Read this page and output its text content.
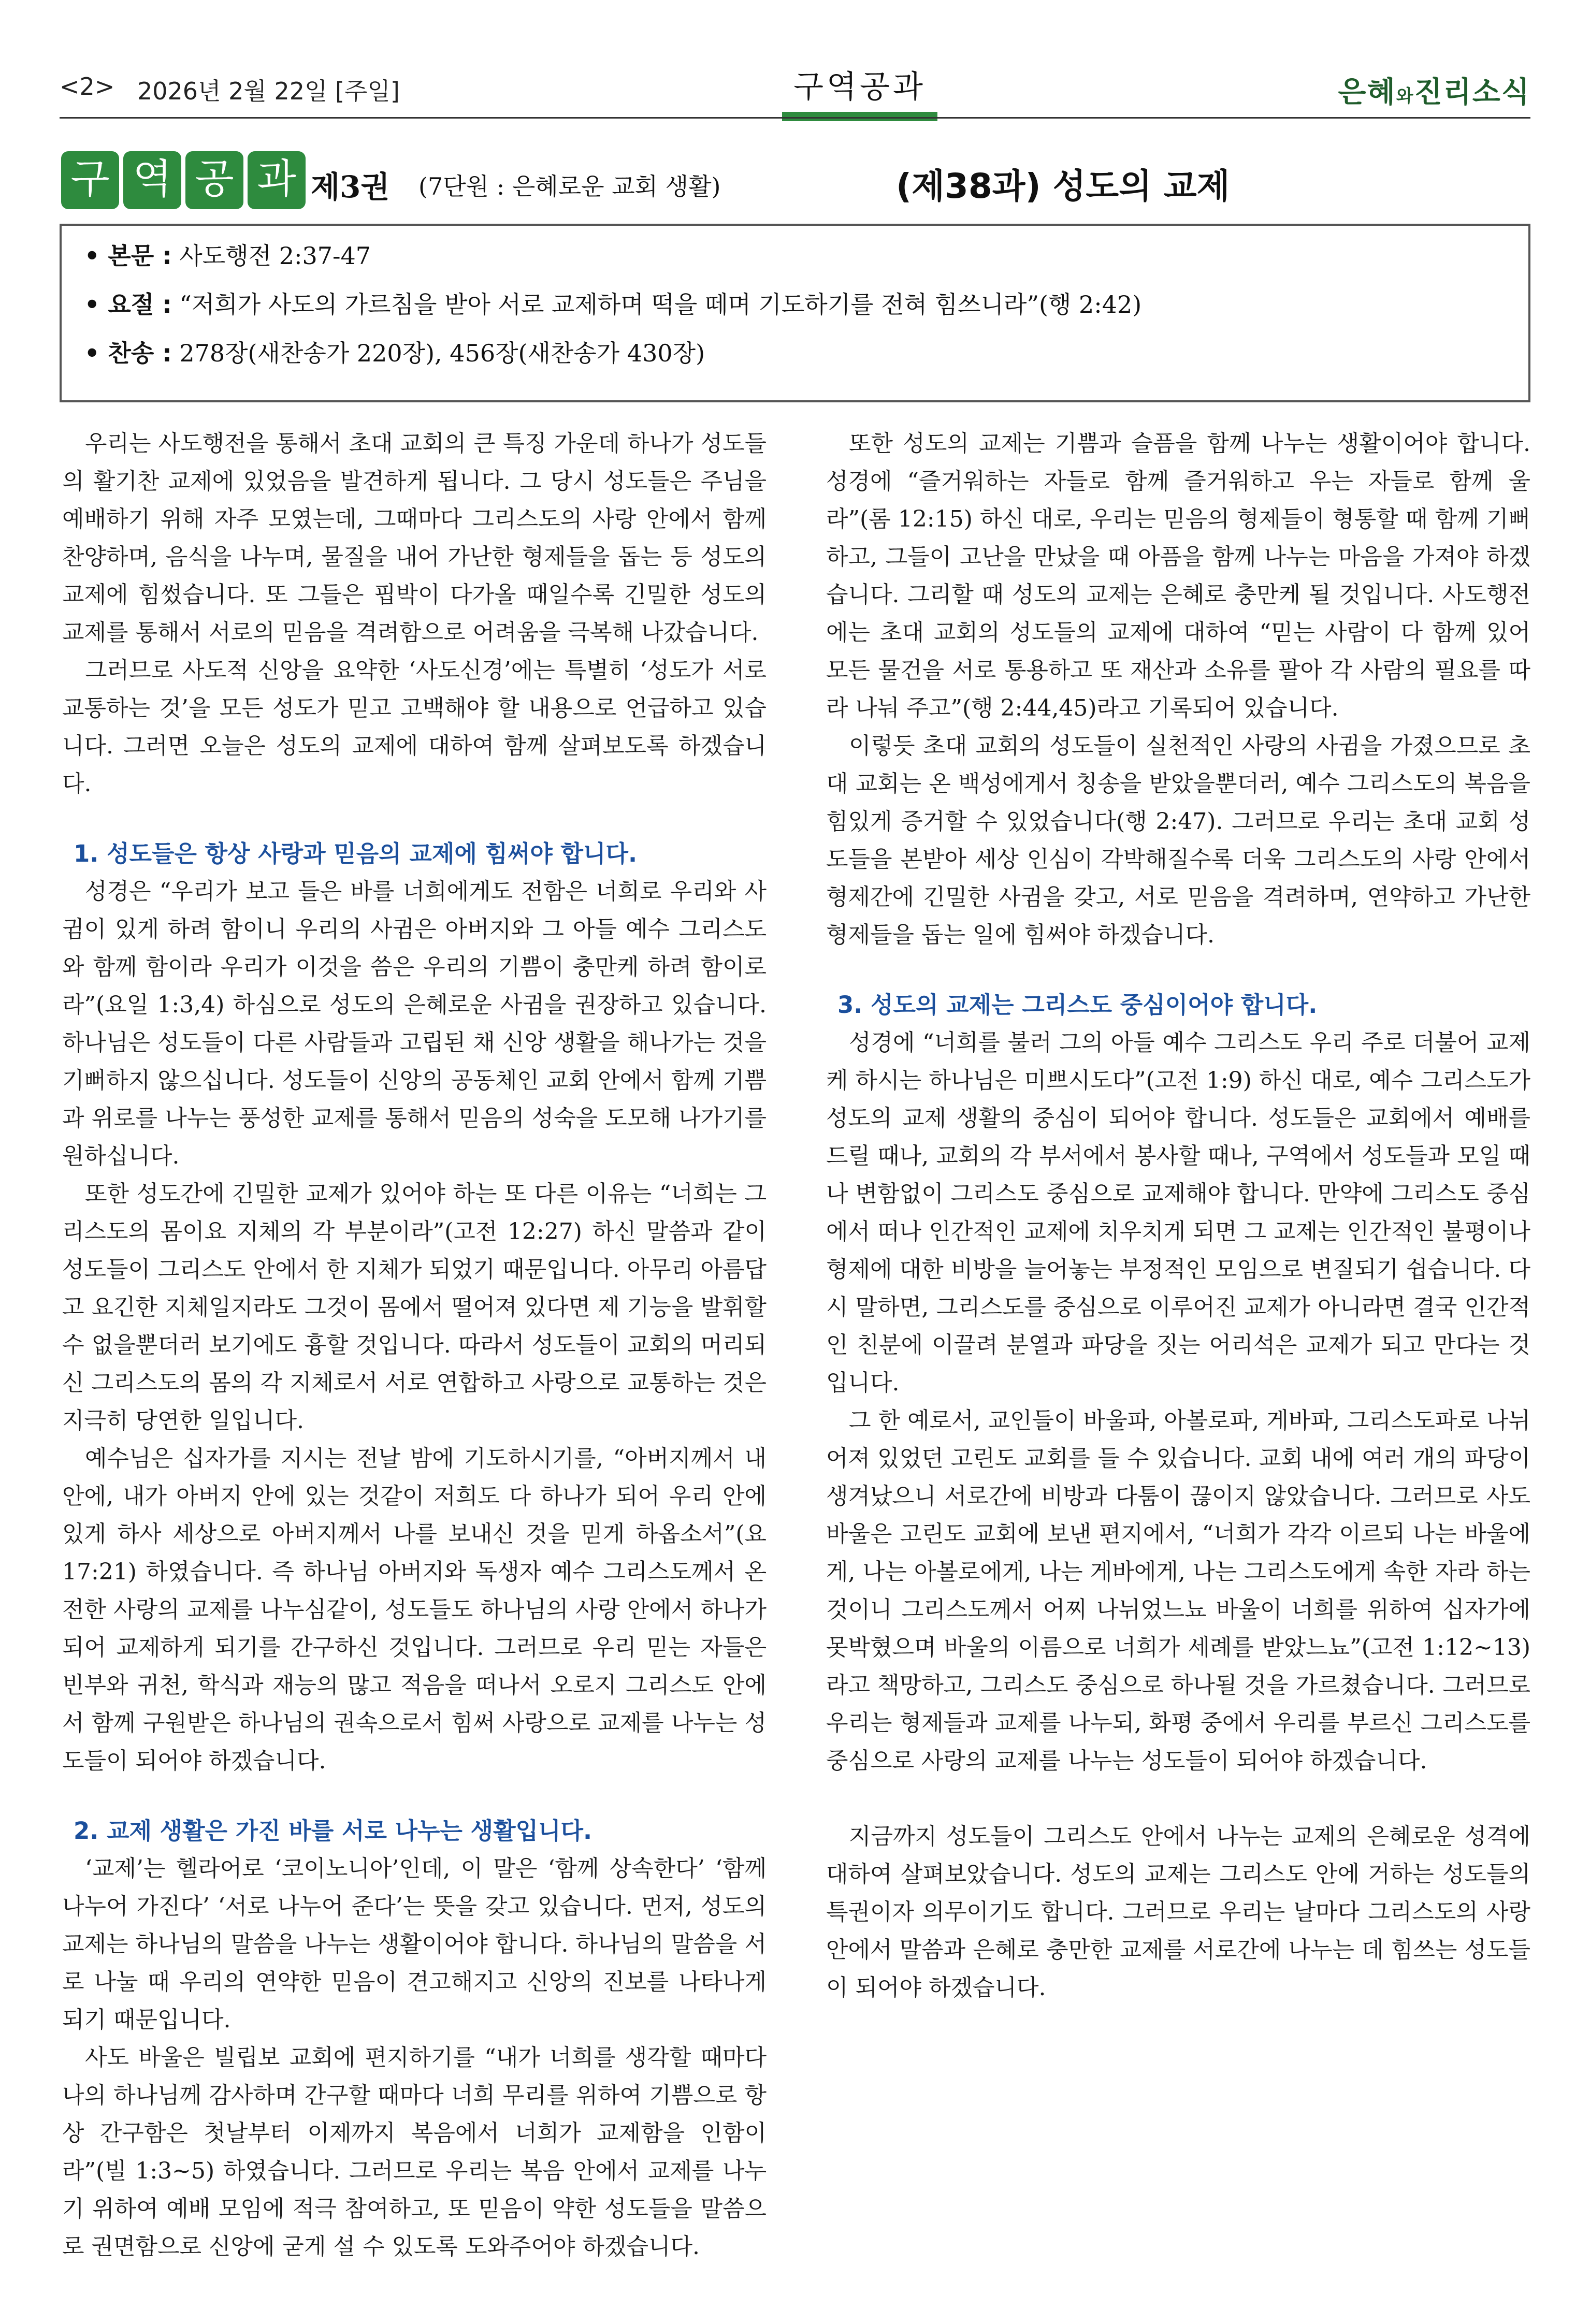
<2> 2026년 2월 22일 [주일]	구역공과	은혜와진리소식
구 역 공 과 제3권 (7단원 : 은혜로운 교회 생활)	(제38과) 성도의 교제
• 본문 : 사도행전 2:37-47
• 요절 : “저희가 사도의 가르침을 받아 서로 교제하며 떡을 떼며 기도하기를 전혀 힘쓰니라”(행 2:42)
• 찬송 : 278장(새찬송가 220장), 456장(새찬송가 430장)

우리는 사도행전을 통해서 초대 교회의 큰 특징 가운데 하나가 성도들의 활기찬 교제에 있었음을 발견하게 됩니다. 그 당시 성도들은 주님을 예배하기 위해 자주 모였는데, 그때마다 그리스도의 사랑 안에서 함께 찬양하며, 음식을 나누며, 물질을 내어 가난한 형제들을 돕는 등 성도의 교제에 힘썼습니다. 또 그들은 핍박이 다가올 때일수록 긴밀한 성도의 교제를 통해서 서로의 믿음을 격려함으로 어려움을 극복해 나갔습니다.

그러므로 사도적 신앙을 요약한 ‘사도신경’에는 특별히 ‘성도가 서로 교통하는 것’을 모든 성도가 믿고 고백해야 할 내용으로 언급하고 있습니다. 그러면 오늘은 성도의 교제에 대하여 함께 살펴보도록 하겠습니다.

1. 성도들은 항상 사랑과 믿음의 교제에 힘써야 합니다.

성경은 “우리가 보고 들은 바를 너희에게도 전함은 너희로 우리와 사귐이 있게 하려 함이니 우리의 사귐은 아버지와 그 아들 예수 그리스도와 함께 함이라 우리가 이것을 씀은 우리의 기쁨이 충만케 하려 함이로라”(요일 1:3,4) 하심으로 성도의 은혜로운 사귐을 권장하고 있습니다. 하나님은 성도들이 다른 사람들과 고립된 채 신앙 생활을 해나가는 것을 기뻐하지 않으십니다. 성도들이 신앙의 공동체인 교회 안에서 함께 기쁨과 위로를 나누는 풍성한 교제를 통해서 믿음의 성숙을 도모해 나가기를 원하십니다.

또한 성도간에 긴밀한 교제가 있어야 하는 또 다른 이유는 “너희는 그리스도의 몸이요 지체의 각 부분이라”(고전 12:27) 하신 말씀과 같이 성도들이 그리스도 안에서 한 지체가 되었기 때문입니다. 아무리 아름답고 요긴한 지체일지라도 그것이 몸에서 떨어져 있다면 제 기능을 발휘할 수 없을뿐더러 보기에도 흉할 것입니다. 따라서 성도들이 교회의 머리되신 그리스도의 몸의 각 지체로서 서로 연합하고 사랑으로 교통하는 것은 지극히 당연한 일입니다.

예수님은 십자가를 지시는 전날 밤에 기도하시기를, “아버지께서 내 안에, 내가 아버지 안에 있는 것같이 저희도 다 하나가 되어 우리 안에 있게 하사 세상으로 아버지께서 나를 보내신 것을 믿게 하옵소서”(요 17:21) 하였습니다. 즉 하나님 아버지와 독생자 예수 그리스도께서 온전한 사랑의 교제를 나누심같이, 성도들도 하나님의 사랑 안에서 하나가 되어 교제하게 되기를 간구하신 것입니다. 그러므로 우리 믿는 자들은 빈부와 귀천, 학식과 재능의 많고 적음을 떠나서 오로지 그리스도 안에서 함께 구원받은 하나님의 권속으로서 힘써 사랑으로 교제를 나누는 성도들이 되어야 하겠습니다.

2. 교제 생활은 가진 바를 서로 나누는 생활입니다.

‘교제’는 헬라어로 ‘코이노니아’인데, 이 말은 ‘함께 상속한다’ ‘함께 나누어 가진다’ ‘서로 나누어 준다’는 뜻을 갖고 있습니다. 먼저, 성도의 교제는 하나님의 말씀을 나누는 생활이어야 합니다. 하나님의 말씀을 서로 나눌 때 우리의 연약한 믿음이 견고해지고 신앙의 진보를 나타나게 되기 때문입니다.

사도 바울은 빌립보 교회에 편지하기를 “내가 너희를 생각할 때마다 나의 하나님께 감사하며 간구할 때마다 너희 무리를 위하여 기쁨으로 항상 간구함은 첫날부터 이제까지 복음에서 너희가 교제함을 인함이라”(빌 1:3~5) 하였습니다. 그러므로 우리는 복음 안에서 교제를 나누기 위하여 예배 모임에 적극 참여하고, 또 믿음이 약한 성도들을 말씀으로 권면함으로 신앙에 굳게 설 수 있도록 도와주어야 하겠습니다.

또한 성도의 교제는 기쁨과 슬픔을 함께 나누는 생활이어야 합니다. 성경에 “즐거워하는 자들로 함께 즐거워하고 우는 자들로 함께 울라”(롬 12:15) 하신 대로, 우리는 믿음의 형제들이 형통할 때 함께 기뻐하고, 그들이 고난을 만났을 때 아픔을 함께 나누는 마음을 가져야 하겠습니다. 그리할 때 성도의 교제는 은혜로 충만케 될 것입니다. 사도행전에는 초대 교회의 성도들의 교제에 대하여 “믿는 사람이 다 함께 있어 모든 물건을 서로 통용하고 또 재산과 소유를 팔아 각 사람의 필요를 따라 나눠 주고”(행 2:44,45)라고 기록되어 있습니다.

이렇듯 초대 교회의 성도들이 실천적인 사랑의 사귐을 가졌으므로 초대 교회는 온 백성에게서 칭송을 받았을뿐더러, 예수 그리스도의 복음을 힘있게 증거할 수 있었습니다(행 2:47). 그러므로 우리는 초대 교회 성도들을 본받아 세상 인심이 각박해질수록 더욱 그리스도의 사랑 안에서 형제간에 긴밀한 사귐을 갖고, 서로 믿음을 격려하며, 연약하고 가난한 형제들을 돕는 일에 힘써야 하겠습니다.

3. 성도의 교제는 그리스도 중심이어야 합니다.

성경에 “너희를 불러 그의 아들 예수 그리스도 우리 주로 더불어 교제케 하시는 하나님은 미쁘시도다”(고전 1:9) 하신 대로, 예수 그리스도가 성도의 교제 생활의 중심이 되어야 합니다. 성도들은 교회에서 예배를 드릴 때나, 교회의 각 부서에서 봉사할 때나, 구역에서 성도들과 모일 때나 변함없이 그리스도 중심으로 교제해야 합니다. 만약에 그리스도 중심에서 떠나 인간적인 교제에 치우치게 되면 그 교제는 인간적인 불평이나 형제에 대한 비방을 늘어놓는 부정적인 모임으로 변질되기 쉽습니다. 다시 말하면, 그리스도를 중심으로 이루어진 교제가 아니라면 결국 인간적인 친분에 이끌려 분열과 파당을 짓는 어리석은 교제가 되고 만다는 것입니다.

그 한 예로서, 교인들이 바울파, 아볼로파, 게바파, 그리스도파로 나뉘어져 있었던 고린도 교회를 들 수 있습니다. 교회 내에 여러 개의 파당이 생겨났으니 서로간에 비방과 다툼이 끊이지 않았습니다. 그러므로 사도 바울은 고린도 교회에 보낸 편지에서, “너희가 각각 이르되 나는 바울에게, 나는 아볼로에게, 나는 게바에게, 나는 그리스도에게 속한 자라 하는 것이니 그리스도께서 어찌 나뉘었느뇨 바울이 너희를 위하여 십자가에 못박혔으며 바울의 이름으로 너희가 세례를 받았느뇨”(고전 1:12~13)라고 책망하고, 그리스도 중심으로 하나될 것을 가르쳤습니다. 그러므로 우리는 형제들과 교제를 나누되, 화평 중에서 우리를 부르신 그리스도를 중심으로 사랑의 교제를 나누는 성도들이 되어야 하겠습니다.

지금까지 성도들이 그리스도 안에서 나누는 교제의 은혜로운 성격에 대하여 살펴보았습니다. 성도의 교제는 그리스도 안에 거하는 성도들의 특권이자 의무이기도 합니다. 그러므로 우리는 날마다 그리스도의 사랑 안에서 말씀과 은혜로 충만한 교제를 서로간에 나누는 데 힘쓰는 성도들이 되어야 하겠습니다.
